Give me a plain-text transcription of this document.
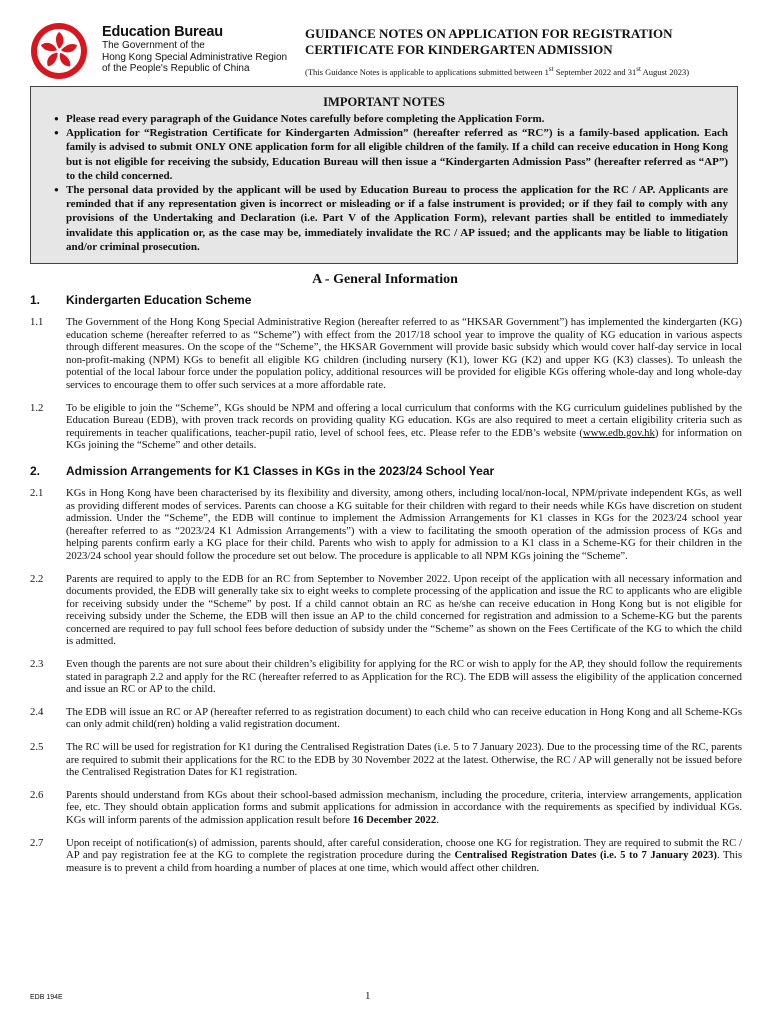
Education Bureau
The Government of the
Hong Kong Special Administrative Region
of the People's Republic of China
GUIDANCE NOTES ON APPLICATION FOR REGISTRATION
CERTIFICATE FOR KINDERGARTEN ADMISSION
(This Guidance Notes is applicable to applications submitted between 1st September 2022 and 31st August 2023)
IMPORTANT NOTES
● Please read every paragraph of the Guidance Notes carefully before completing the Application Form.
● Application for “Registration Certificate for Kindergarten Admission” (hereafter referred as “RC”) is a family-based application. Each family is advised to submit ONLY ONE application form for all eligible children of the family. If a child can receive education in Hong Kong but is not eligible for receiving the subsidy, Education Bureau will then issue a “Kindergarten Admission Pass” (hereafter referred as “AP”) to the child concerned.
● The personal data provided by the applicant will be used by Education Bureau to process the application for the RC / AP. Applicants are reminded that if any representation given is incorrect or misleading or if a false instrument is provided; or if they fail to comply with any provisions of the Undertaking and Declaration (i.e. Part V of the Application Form), relevant parties shall be entitled to immediately invalidate this application or, as the case may be, immediately invalidate the RC / AP issued; and the applicants may be liable to litigation and/or criminal prosecution.
A - General Information
1.	Kindergarten Education Scheme
1.1	The Government of the Hong Kong Special Administrative Region (hereafter referred to as “HKSAR Government”) has implemented the kindergarten (KG) education scheme (hereafter referred to as “Scheme”) with effect from the 2017/18 school year to improve the quality of KG education in various aspects through different measures. On the scope of the “Scheme”, the HKSAR Government will provide basic subsidy which would cover half-day service in local non-profit-making (NPM) KGs to benefit all eligible KG children (including nursery (K1), lower KG (K2) and upper KG (K3) classes). To unleash the potential of the local labour force under the population policy, additional resources will be provided for eligible KGs offering whole-day and long whole-day services to encourage them to offer such services at a more affordable rate.
1.2	To be eligible to join the “Scheme”, KGs should be NPM and offering a local curriculum that conforms with the KG curriculum guidelines published by the Education Bureau (EDB), with proven track records on providing quality KG education. KGs are also required to meet a certain eligibility criteria such as requirements in teacher qualifications, teacher-pupil ratio, level of school fees, etc. Please refer to the EDB’s website (www.edb.gov.hk) for information on KGs joining the “Scheme” and other details.
2.	Admission Arrangements for K1 Classes in KGs in the 2023/24 School Year
2.1	KGs in Hong Kong have been characterised by its flexibility and diversity, among others, including local/non-local, NPM/private independent KGs, as well as providing different modes of services. Parents can choose a KG suitable for their children with regard to their needs while KGs have discretion on student admission. Under the “Scheme”, the EDB will continue to implement the Admission Arrangements for K1 classes in KGs for the 2023/24 school year (hereafter referred to as “2023/24 K1 Admission Arrangements”) with a view to facilitating the smooth operation of the admission process of KGs and helping parents confirm early a KG place for their child. Parents who wish to apply for admission to a K1 class in a Scheme-KG for their children in the 2023/24 school year should follow the procedure set out below. The procedure is applicable to all NPM KGs joining the “Scheme”.
2.2	Parents are required to apply to the EDB for an RC from September to November 2022. Upon receipt of the application with all necessary information and documents provided, the EDB will generally take six to eight weeks to complete processing of the application and issue the RC to applicants who are eligible for receiving subsidy under the “Scheme” by post. If a child cannot obtain an RC as he/she can receive education in Hong Kong but is not eligible for receiving subsidy under the Scheme, the EDB will then issue an AP to the child concerned for registration and admission to a Scheme-KG but the parents concerned are required to pay full school fees before deduction of subsidy under the “Scheme” as shown on the Fees Certificate of the KG to which the child is admitted.
2.3	Even though the parents are not sure about their children’s eligibility for applying for the RC or wish to apply for the AP, they should follow the requirements stated in paragraph 2.2 and apply for the RC (hereafter referred to as Application for the RC). The EDB will assess the eligibility of the application concerned and issue an RC or AP to the child.
2.4	The EDB will issue an RC or AP (hereafter referred to as registration document) to each child who can receive education in Hong Kong and all Scheme-KGs can only admit child(ren) holding a valid registration document.
2.5	The RC will be used for registration for K1 during the Centralised Registration Dates (i.e. 5 to 7 January 2023). Due to the processing time of the RC, parents are required to submit their applications for the RC to the EDB by 30 November 2022 at the latest. Otherwise, the RC / AP will generally not be issued before the Centralised Registration Dates for K1 registration.
2.6	Parents should understand from KGs about their school-based admission mechanism, including the procedure, criteria, interview arrangements, application fee, etc. They should obtain application forms and submit applications for admission in accordance with the requirements as specified by individual KGs. KGs will inform parents of the admission application result before 16 December 2022.
2.7	Upon receipt of notification(s) of admission, parents should, after careful consideration, choose one KG for registration. They are required to submit the RC / AP and pay registration fee at the KG to complete the registration procedure during the Centralised Registration Dates (i.e. 5 to 7 January 2023). This measure is to prevent a child from hoarding a number of places at one time, which would affect other children.
EDB 194E	1
